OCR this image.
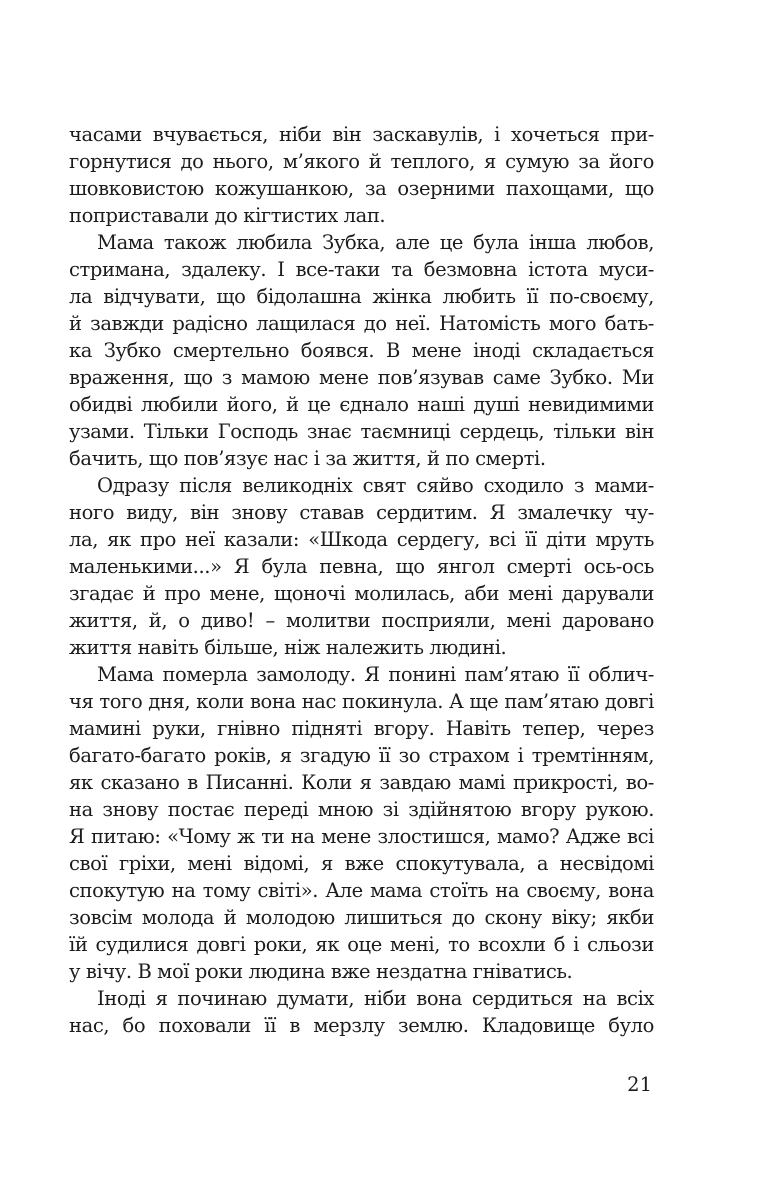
часами вчувається, ніби він заскавулів, і хочеться при-
горнутися до нього, м’якого й теплого, я сумую за його
шовковистою кожушанкою, за озерними пахощами, що
поприставали до кігтистих лап.
Мама також любила Зубка, але це була інша любов,
стримана, здалеку. І все-таки та безмовна істота муси-
ла відчувати, що бідолашна жінка любить її по-своєму,
й завжди радісно лащилася до неї. Натомість мого бать-
ка Зубко смертельно боявся. В мене іноді складається
враження, що з мамою мене пов’язував саме Зубко. Ми
обидві любили його, й це єднало наші душі невидимими
узами. Тільки Господь знає таємниці сердець, тільки він
бачить, що пов’язує нас і за життя, й по смерті.
Одразу після великодніх свят сяйво сходило з мами-
ного виду, він знову ставав сердитим. Я змалечку чу-
ла, як про неї казали: «Шкода сердегу, всі її діти мруть
маленькими...» Я була певна, що янгол смерті ось-ось
згадає й про мене, щоночі молилась, аби мені дарували
життя, й, о диво! – молитви посприяли, мені даровано
життя навіть більше, ніж належить людині.
Мама померла замолоду. Я понині пам’ятаю її облич-
чя того дня, коли вона нас покинула. А ще пам’ятаю довгі
мамині руки, гнівно підняті вгору. Навіть тепер, через
багато-багато років, я згадую її зо страхом і тремтінням,
як сказано в Писанні. Коли я завдаю мамі прикрості, во-
на знову постає переді мною зі здійнятою вгору рукою.
Я питаю: «Чому ж ти на мене злостишся, мамо? Адже всі
свої гріхи, мені відомі, я вже спокутувала, а несвідомі
спокутую на тому світі». Але мама стоїть на своєму, вона
зовсім молода й молодою лишиться до скону віку; якби
їй судилися довгі роки, як оце мені, то всохли б і сльози
у вічу. В мої роки людина вже нездатна гніватись.
Іноді я починаю думати, ніби вона сердиться на всіх
нас, бо поховали її в мерзлу землю. Кладовище було
21
